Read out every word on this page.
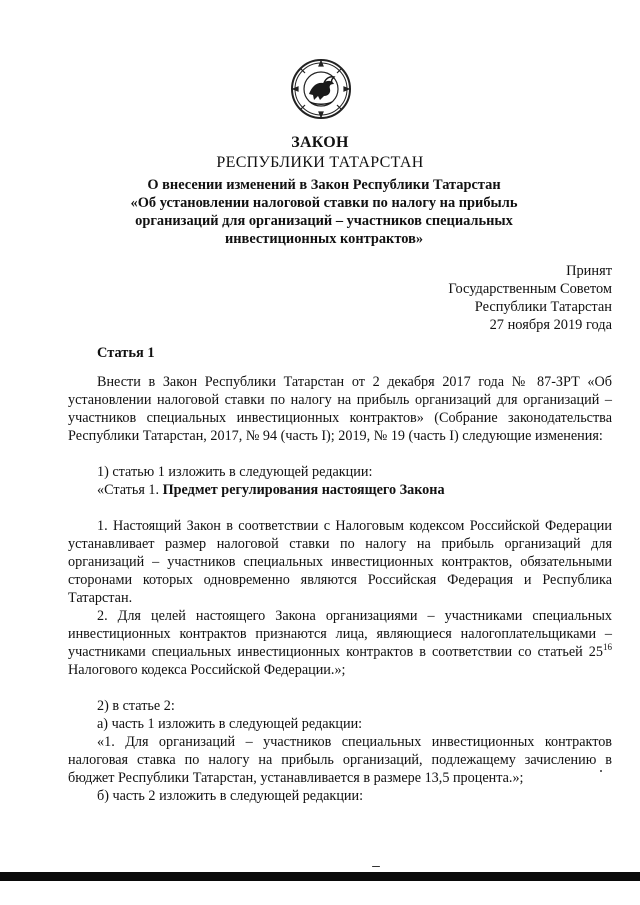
ЗАКОН
РЕСПУБЛИКИ ТАТАРСТАН
О внесении изменений в Закон Республики Татарстан
«Об установлении налоговой ставки по налогу на прибыль
организаций для организаций – участников специальных
инвестиционных контрактов»
Принят
Государственным Советом
Республики Татарстан
27 ноября 2019 года
Статья 1

Внести в Закон Республики Татарстан от 2 декабря 2017 года № 87-ЗРТ «Об установлении налоговой ставки по налогу на прибыль организаций для организаций – участников специальных инвестиционных контрактов» (Собрание законодательства Республики Татарстан, 2017, № 94 (часть I); 2019, № 19 (часть I) следующие изменения:

1) статью 1 изложить в следующей редакции:

«Статья 1. Предмет регулирования настоящего Закона

1. Настоящий Закон в соответствии с Налоговым кодексом Российской Федерации устанавливает размер налоговой ставки по налогу на прибыль организаций для организаций – участников специальных инвестиционных контрактов, обязательными сторонами которых одновременно являются Российская Федерация и Республика Татарстан.

2. Для целей настоящего Закона организациями – участниками специальных инвестиционных контрактов признаются лица, являющиеся налогоплательщиками – участниками специальных инвестиционных контрактов в соответствии со статьей $25^{16}$ Налогового кодекса Российской Федерации.»;

2) в статье 2:

а) часть 1 изложить в следующей редакции:

«1. Для организаций – участников специальных инвестиционных контрактов налоговая ставка по налогу на прибыль организаций, подлежащему зачислению в бюджет Республики Татарстан, устанавливается в размере 13,5 процента.»;

б) часть 2 изложить в следующей редакции:
